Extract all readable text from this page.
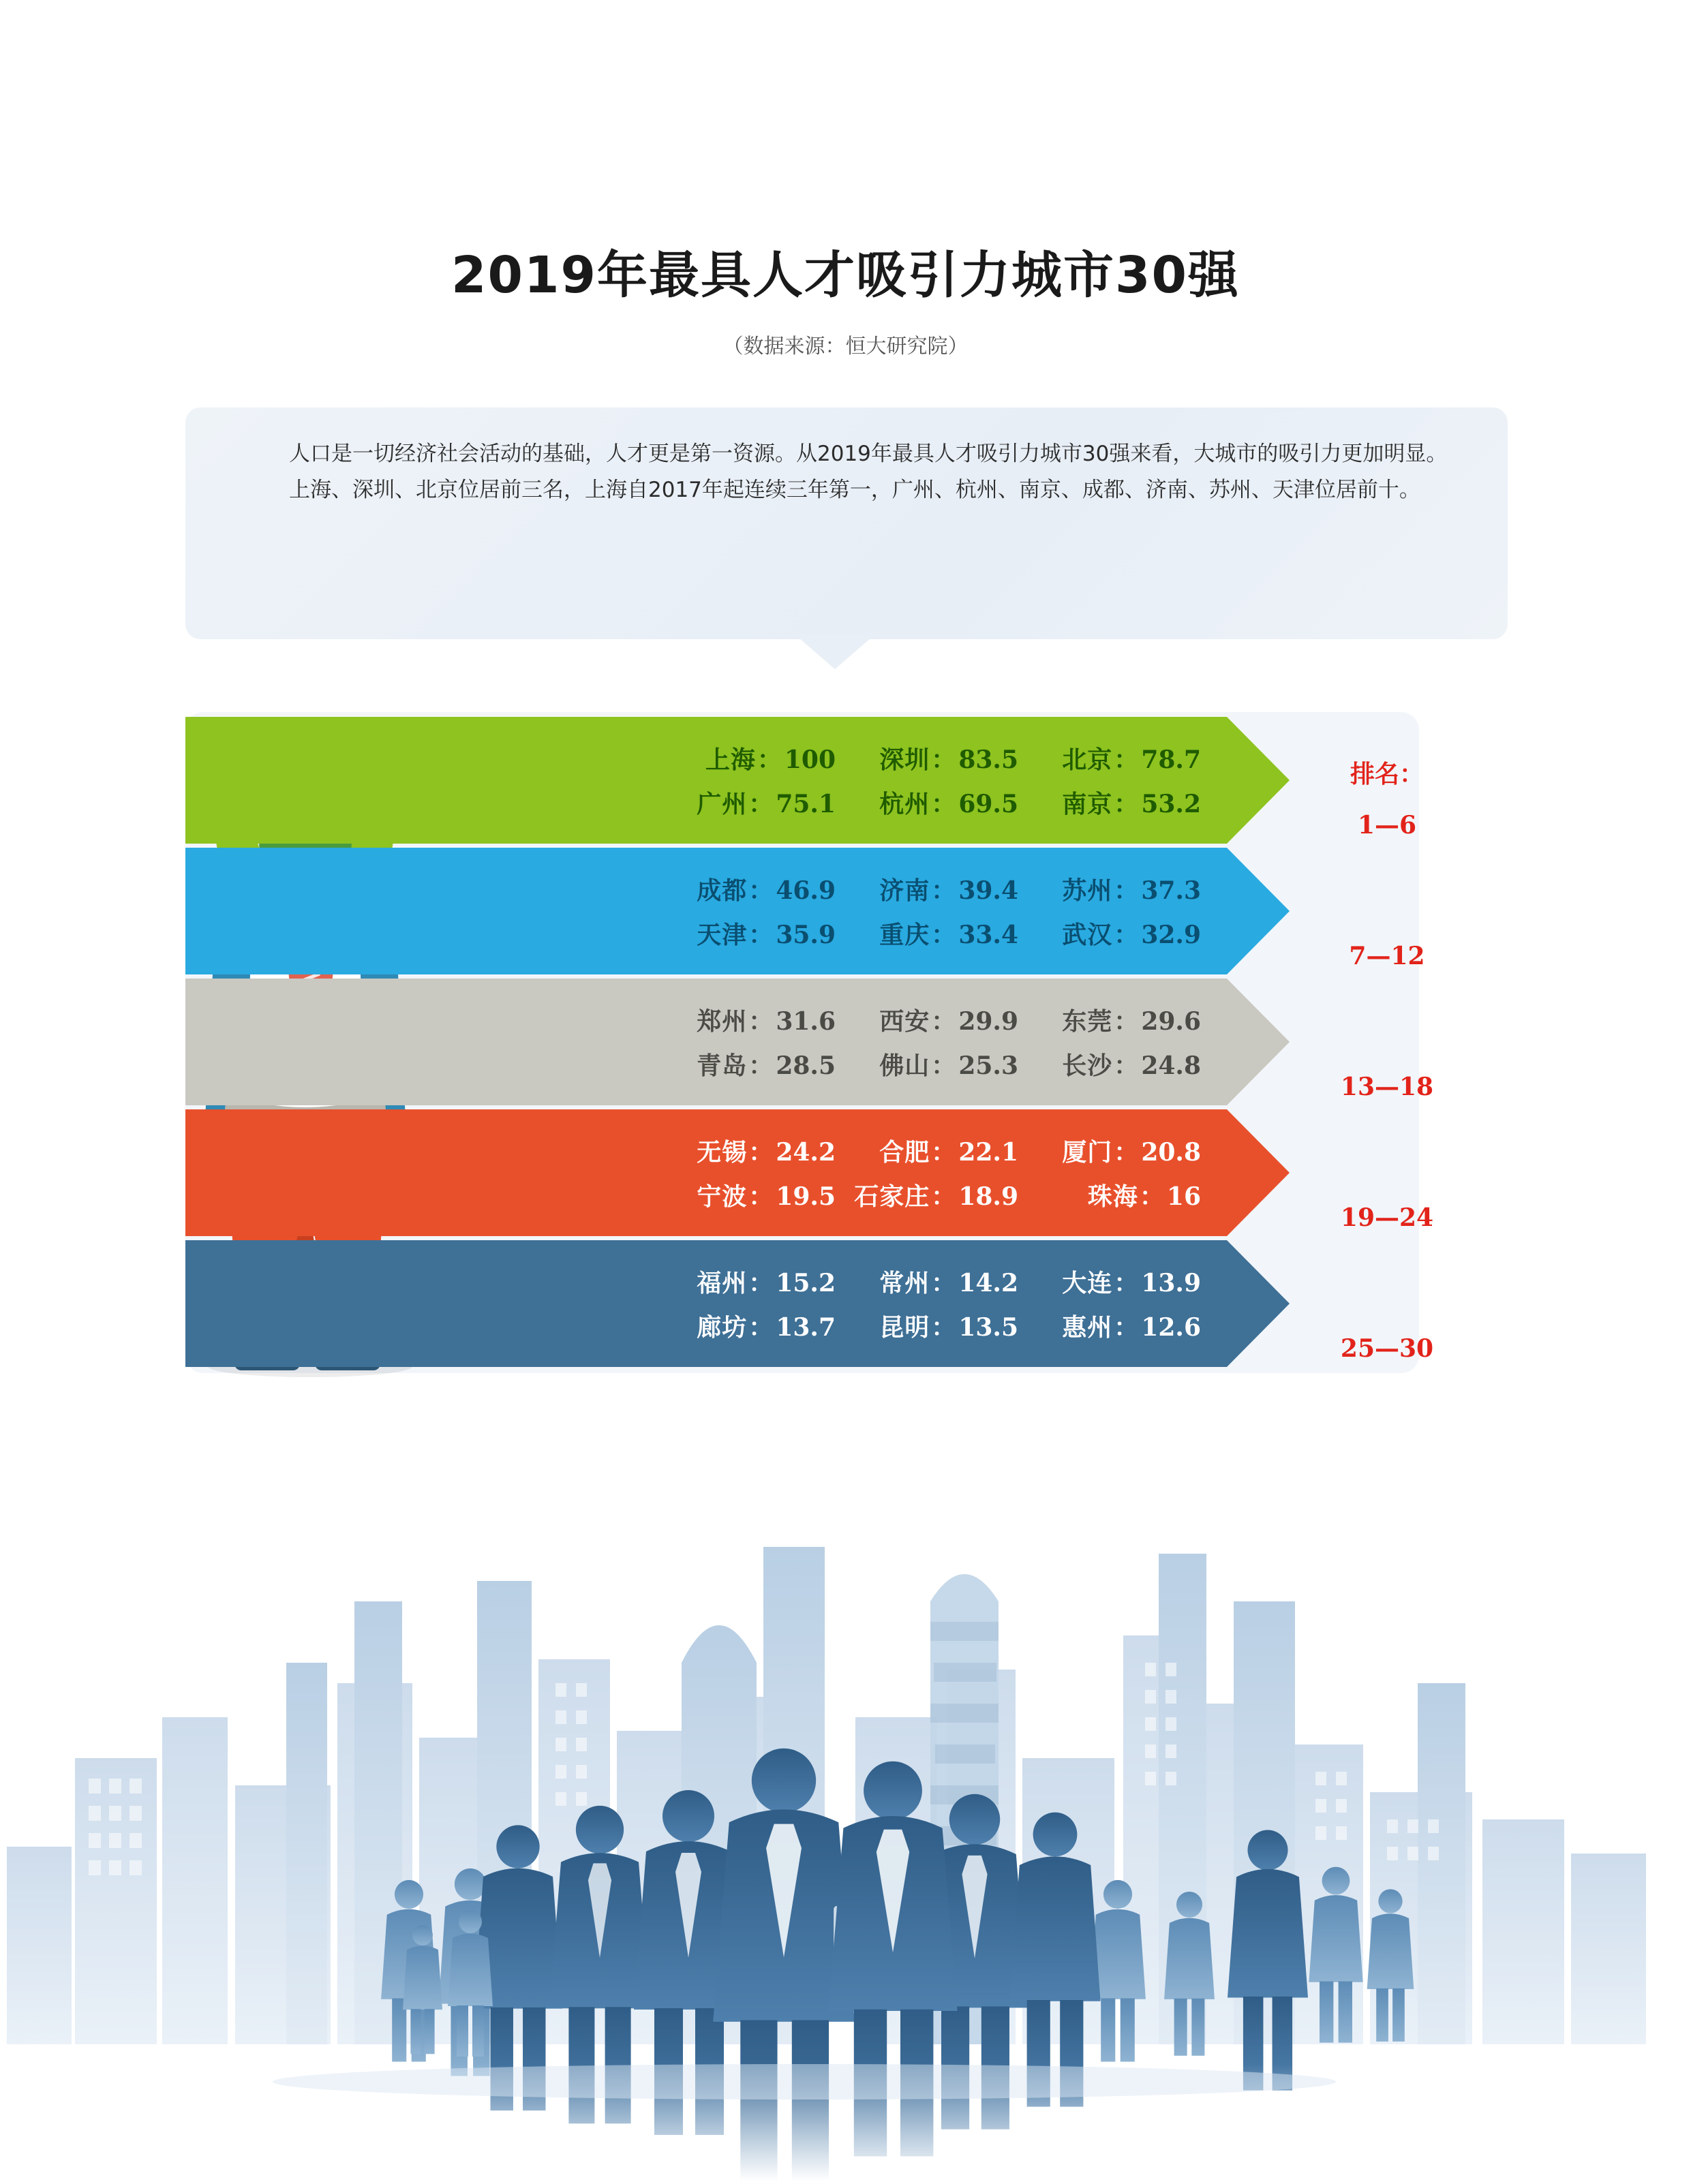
2019年最具人才吸引力城市30强
（数据来源：恒大研究院）

人口是一切经济社会活动的基础，人才更是第一资源。从2019年最具人才吸引力城市30强来看，大城市的吸引力更加明显。

上海、深圳、北京位居前三名，上海自2017年起连续三年第一，广州、杭州、南京、成都、济南、苏州、天津位居前十。

上海： 100	深圳： 83.5	北京： 78.7
广州： 75.1	杭州： 69.5	南京： 53.2
成都： 46.9	济南： 39.4	苏州： 37.3
天津： 35.9	重庆： 33.4	武汉： 32.9
郑州： 31.6	西安： 29.9	东莞： 29.6
青岛： 28.5	佛山： 25.3	长沙： 24.8
无锡： 24.2	合肥： 22.1	厦门： 20.8
宁波： 19.5 石家庄： 18.9	珠海： 16
福州： 15.2	常州： 14.2	大连： 13.9
廊坊： 13.7	昆明： 13.5	惠州： 12.6
排名：
1—6
7—12
13—18
19—24
25—30
